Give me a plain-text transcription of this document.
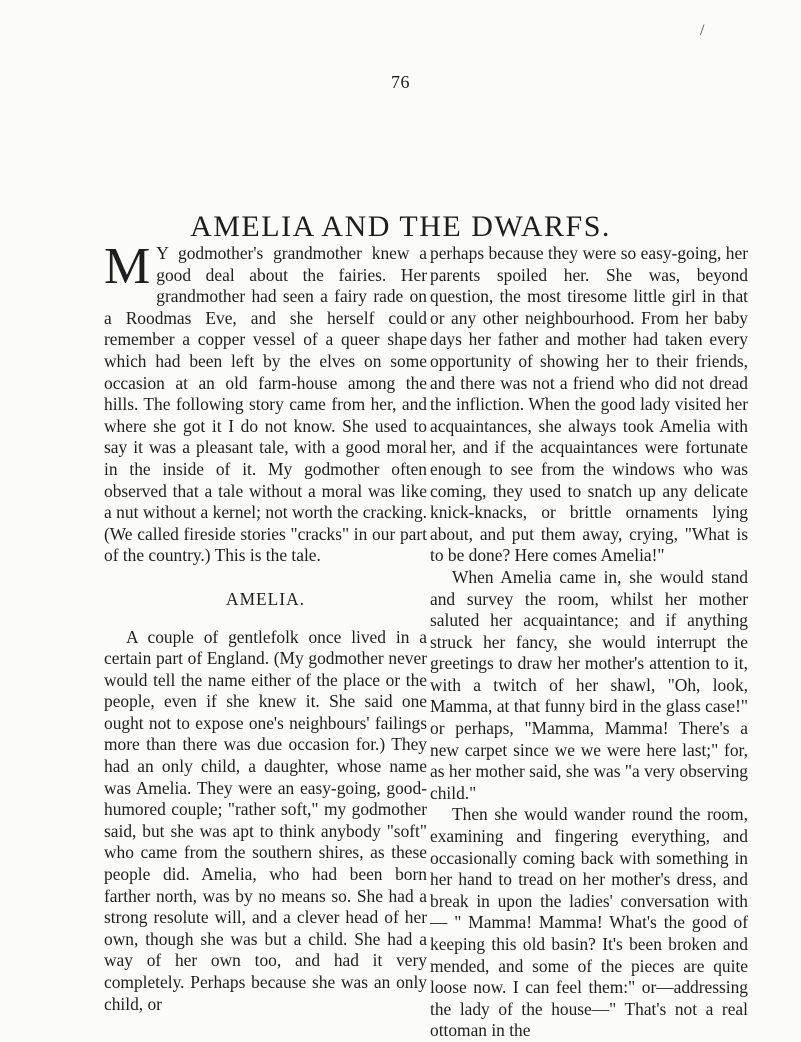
/
76
AMELIA AND THE DWARFS.

M Y godmother's grandmother knew a good deal about the fairies. Her grandmother had seen a fairy rade on a Roodmas Eve, and she herself could remember a copper vessel of a queer shape which had been left by the elves on some occasion at an old farm-house among the hills. The following story came from her, and where she got it I do not know. She used to say it was a pleasant tale, with a good moral in the inside of it. My godmother often observed that a tale without a moral was like a nut without a kernel; not worth the cracking. (We called fireside stories "cracks" in our part of the country.) This is the tale.

AMELIA.

A couple of gentlefolk once lived in a certain part of England. (My godmother never would tell the name either of the place or the people, even if she knew it. She said one ought not to expose one's neighbours' failings more than there was due occasion for.) They had an only child, a daughter, whose name was Amelia. They were an easy-going, good-humored couple; "rather soft," my godmother said, but she was apt to think anybody "soft" who came from the southern shires, as these people did. Amelia, who had been born farther north, was by no means so. She had a strong resolute will, and a clever head of her own, though she was but a child. She had a way of her own too, and had it very completely. Perhaps because she was an only child, or

perhaps because they were so easy-going, her parents spoiled her. She was, beyond question, the most tiresome little girl in that or any other neighbourhood. From her baby days her father and mother had taken every opportunity of showing her to their friends, and there was not a friend who did not dread the infliction. When the good lady visited her acquaintances, she always took Amelia with her, and if the acquaintances were fortunate enough to see from the windows who was coming, they used to snatch up any delicate knick-knacks, or brittle ornaments lying about, and put them away, crying, "What is to be done? Here comes Amelia!"

When Amelia came in, she would stand and survey the room, whilst her mother saluted her acquaintance; and if anything struck her fancy, she would interrupt the greetings to draw her mother's attention to it, with a twitch of her shawl, "Oh, look, Mamma, at that funny bird in the glass case!" or perhaps, "Mamma, Mamma! There's a new carpet since we we were here last;" for, as her mother said, she was "a very observing child."

Then she would wander round the room, examining and fingering everything, and occasionally coming back with something in her hand to tread on her mother's dress, and break in upon the ladies' conversation with — " Mamma! Mamma! What's the good of keeping this old basin? It's been broken and mended, and some of the pieces are quite loose now. I can feel them:" or—addressing the lady of the house—" That's not a real ottoman in the
